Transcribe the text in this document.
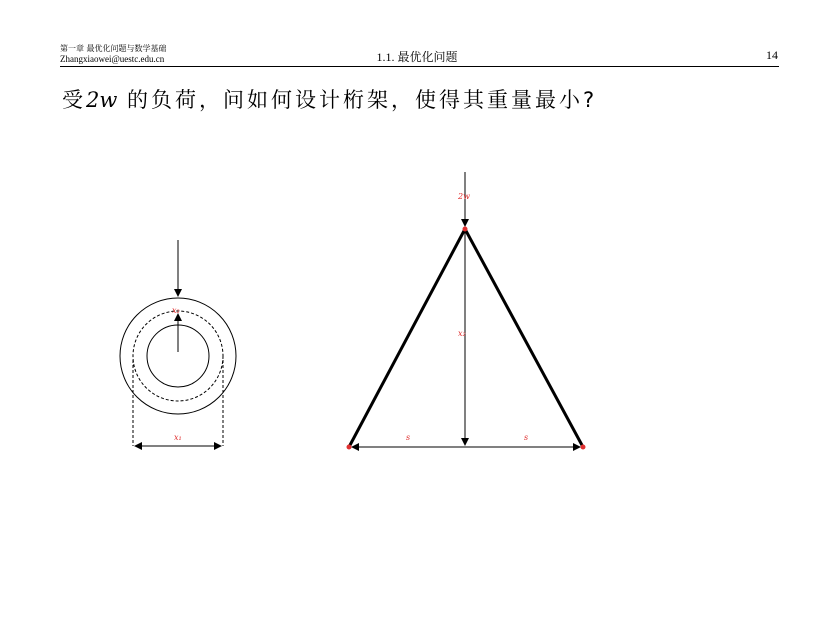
第一章 最优化问题与数学基础
Zhangxiaowei@uestc.edu.cn	1.1. 最优化问题	14
受2w 的负荷，问如何设计桁架，使得其重量最小?
x₂
x₁
2w
x₂
s	s
